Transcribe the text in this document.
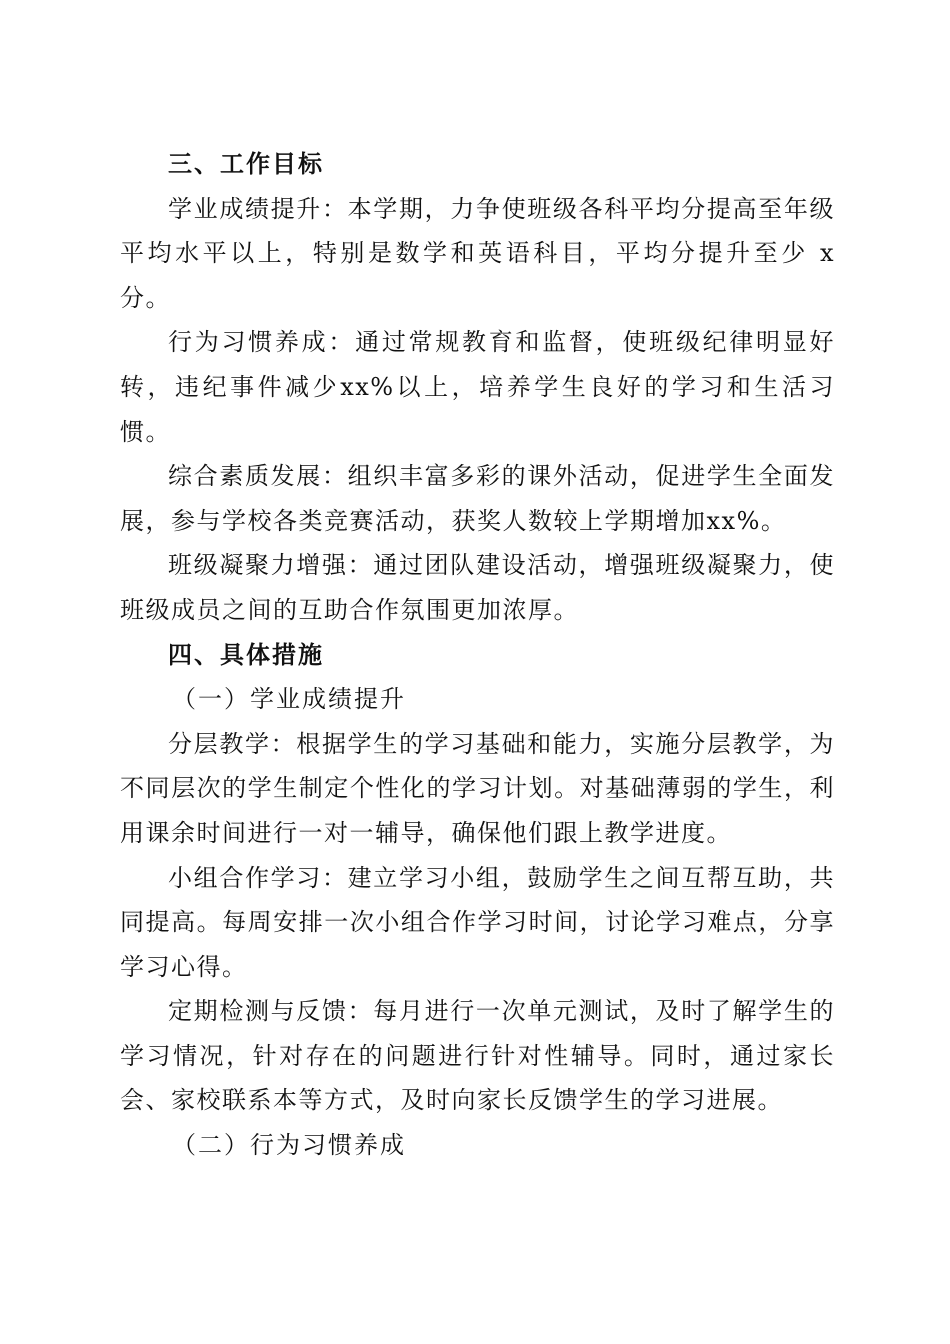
三、工作目标

学业成绩提升：本学期，力争使班级各科平均分提高至年级平均水平以上，特别是数学和英语科目，平均分提升至少 x 分。

行为习惯养成：通过常规教育和监督，使班级纪律明显好转，违纪事件减少xx%以上，培养学生良好的学习和生活习惯。

综合素质发展：组织丰富多彩的课外活动，促进学生全面发展，参与学校各类竞赛活动，获奖人数较上学期增加xx%。

班级凝聚力增强：通过团队建设活动，增强班级凝聚力，使班级成员之间的互助合作氛围更加浓厚。

四、具体措施

（一）学业成绩提升

分层教学：根据学生的学习基础和能力，实施分层教学，为不同层次的学生制定个性化的学习计划。对基础薄弱的学生，利用课余时间进行一对一辅导，确保他们跟上教学进度。

小组合作学习：建立学习小组，鼓励学生之间互帮互助，共同提高。每周安排一次小组合作学习时间，讨论学习难点，分享学习心得。

定期检测与反馈：每月进行一次单元测试，及时了解学生的学习情况，针对存在的问题进行针对性辅导。同时，通过家长会、家校联系本等方式，及时向家长反馈学生的学习进展。

（二）行为习惯养成
